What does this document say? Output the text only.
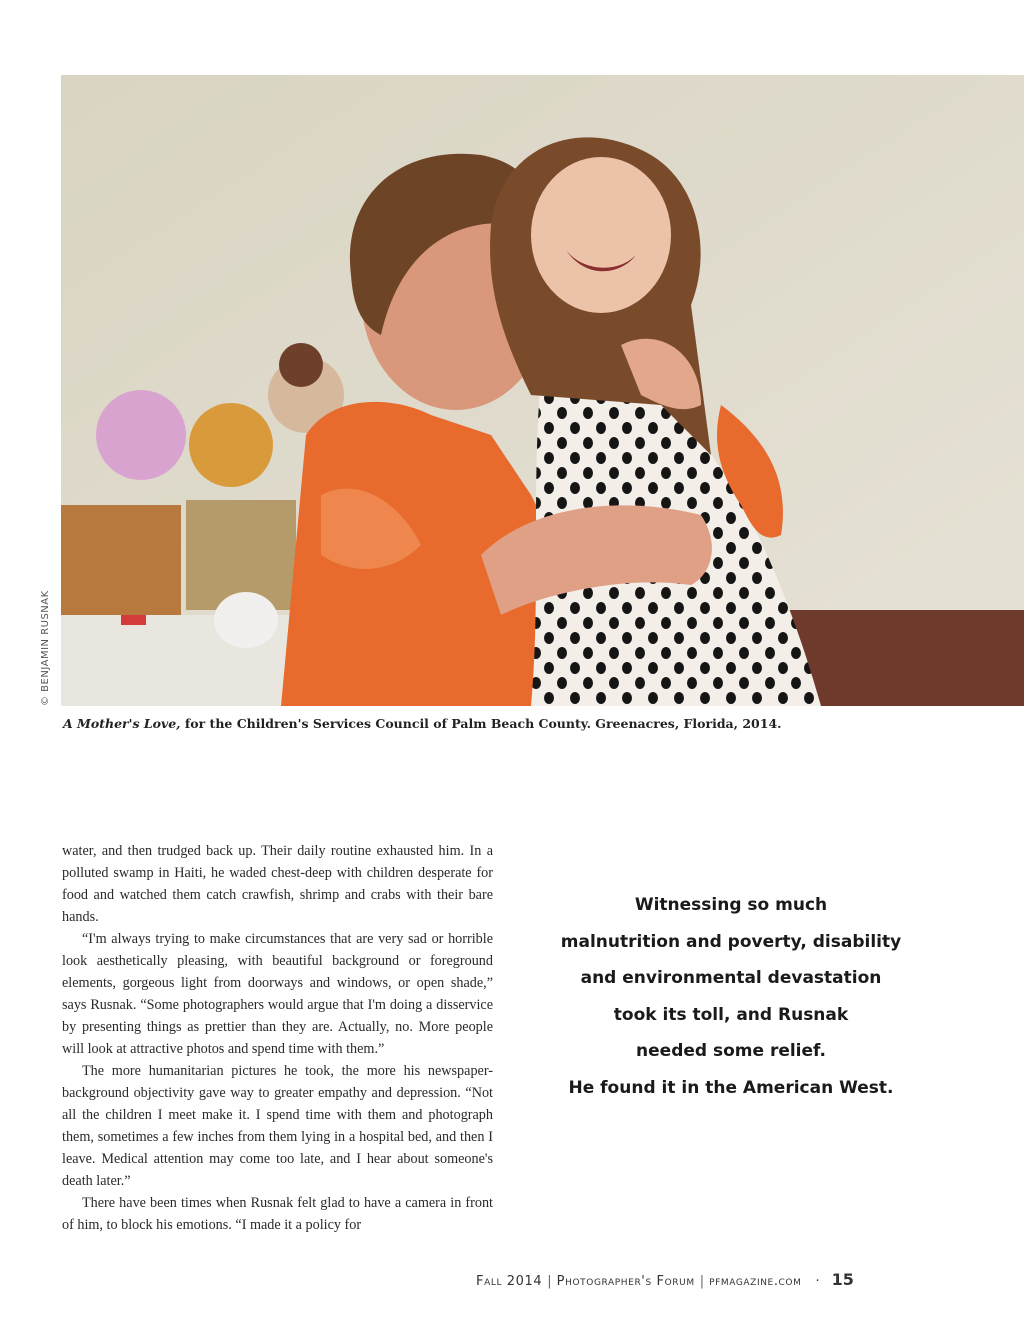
© BENJAMIN RUSNAK
A Mother's Love, for the Children's Services Council of Palm Beach County. Greenacres, Florida, 2014.

water, and then trudged back up. Their daily routine exhausted him. In a polluted swamp in Haiti, he waded chest-deep with children desperate for food and watched them catch crawfish, shrimp and crabs with their bare hands.

“I'm always trying to make circumstances that are very sad or horrible look aesthetically pleasing, with beautiful background or foreground elements, gorgeous light from doorways and windows, or open shade,” says Rusnak. “Some photographers would argue that I'm doing a disservice by presenting things as prettier than they are. Actually, no. More people will look at attractive photos and spend time with them.”

The more humanitarian pictures he took, the more his newspaper-background objectivity gave way to greater empathy and depression. “Not all the children I meet make it. I spend time with them and photograph them, sometimes a few inches from them lying in a hospital bed, and then I leave. Medical attention may come too late, and I hear about someone's death later.”

There have been times when Rusnak felt glad to have a camera in front of him, to block his emotions. “I made it a policy for

Witnessing so much
malnutrition and poverty, disability
and environmental devastation
took its toll, and Rusnak
needed some relief.
He found it in the American West.
Fall 2014 | Photographer's Forum | pfmagazine.com · 15
